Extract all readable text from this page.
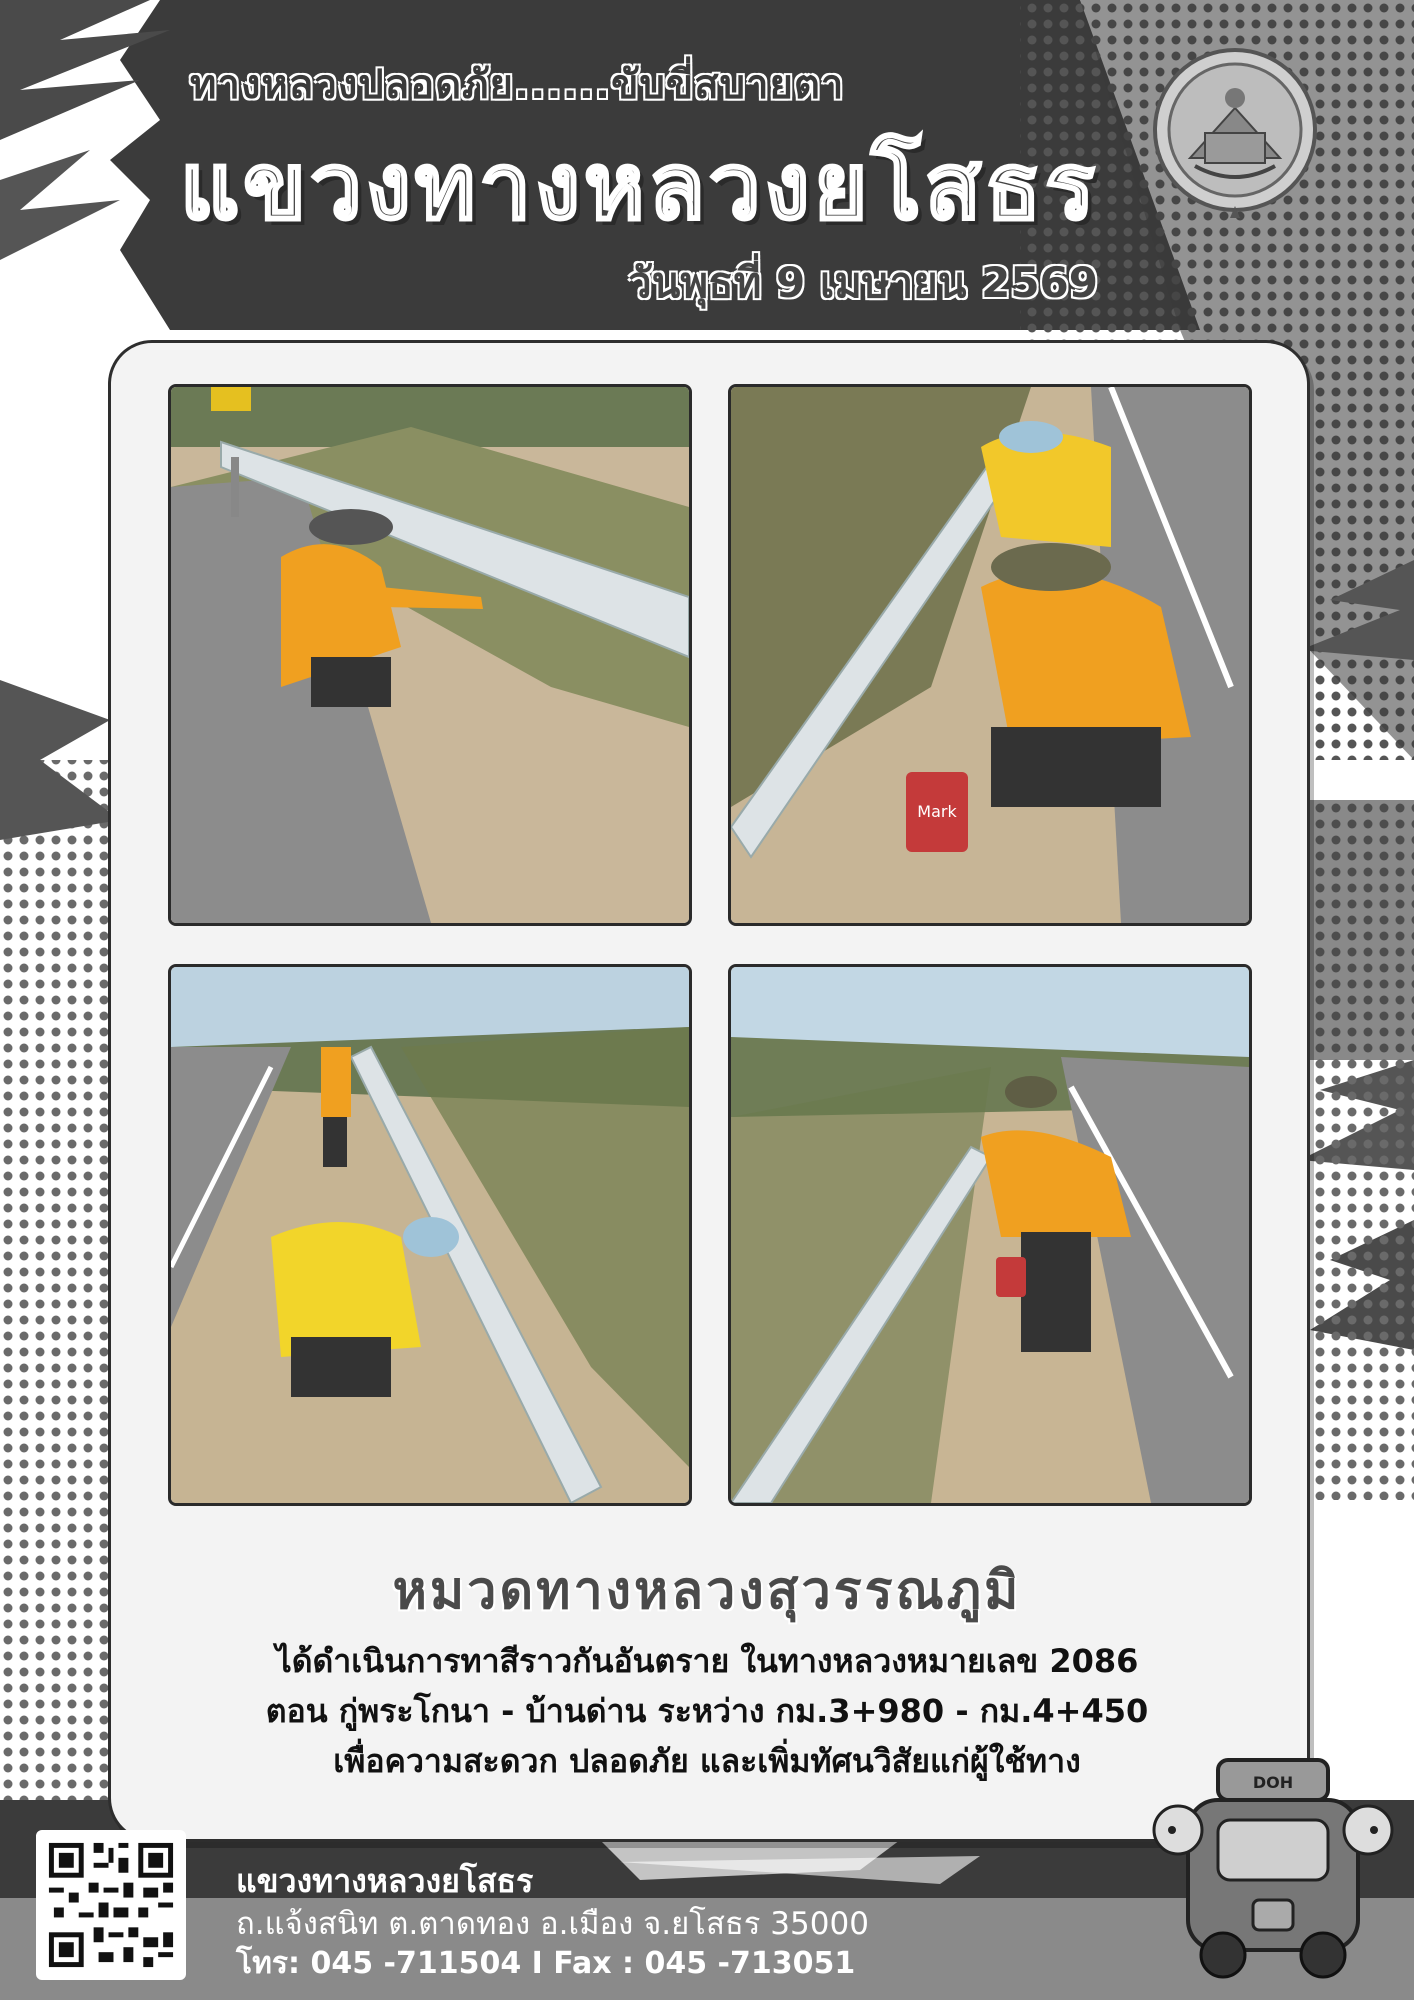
ทางหลวงปลอดภัย......ขับขี่สบายตา
แขวงทางหลวงยโสธร
วันพุธที่ 9 เมษายน 2569
Mark
หมวดทางหลวงสุวรรณภูมิ
ได้ดำเนินการทาสีราวกันอันตราย ในทางหลวงหมายเลข 2086
ตอน กู่พระโกนา - บ้านด่าน ระหว่าง กม.3+980 - กม.4+450
เพื่อความสะดวก ปลอดภัย และเพิ่มทัศนวิสัยแก่ผู้ใช้ทาง
แขวงทางหลวงยโสธร
ถ.แจ้งสนิท ต.ตาดทอง อ.เมือง จ.ยโสธร 35000
โทร: 045 -711504 I Fax : 045 -713051
DOH
